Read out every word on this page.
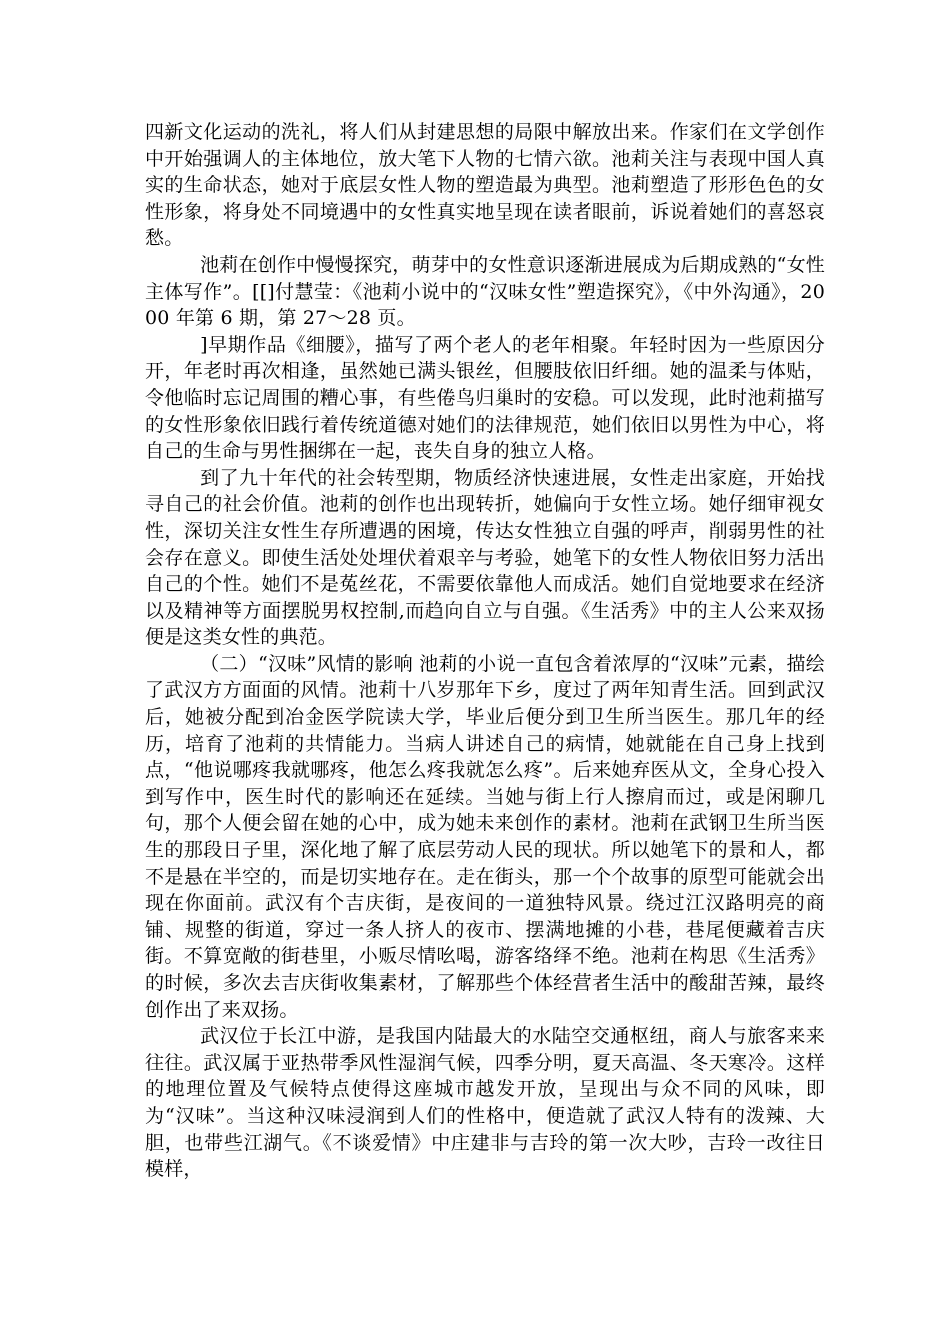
四新文化运动的洗礼，将人们从封建思想的局限中解放出来。作家们在文学创作中开始强调人的主体地位，放大笔下人物的七情六欲。池莉关注与表现中国人真实的生命状态，她对于底层女性人物的塑造最为典型。池莉塑造了形形色色的女性形象，将身处不同境遇中的女性真实地呈现在读者眼前，诉说着她们的喜怒哀愁。

池莉在创作中慢慢探究，萌芽中的女性意识逐渐进展成为后期成熟的“女性主体写作”。[[]付慧莹：《池莉小说中的“汉味女性”塑造探究》，《中外沟通》，2000 年第 6 期，第 27～28 页。

]早期作品《细腰》，描写了两个老人的老年相聚。年轻时因为一些原因分开，年老时再次相逢，虽然她已满头银丝，但腰肢依旧纤细。她的温柔与体贴，令他临时忘记周围的糟心事，有些倦鸟归巢时的安稳。可以发现，此时池莉描写的女性形象依旧践行着传统道德对她们的法律规范，她们依旧以男性为中心，将自己的生命与男性捆绑在一起，丧失自身的独立人格。

到了九十年代的社会转型期，物质经济快速进展，女性走出家庭，开始找寻自己的社会价值。池莉的创作也出现转折，她偏向于女性立场。她仔细审视女性，深切关注女性生存所遭遇的困境，传达女性独立自强的呼声，削弱男性的社会存在意义。即使生活处处埋伏着艰辛与考验，她笔下的女性人物依旧努力活出自己的个性。她们不是菟丝花，不需要依靠他人而成活。她们自觉地要求在经济以及精神等方面摆脱男权控制,而趋向自立与自强。《生活秀》中的主人公来双扬便是这类女性的典范。

（二）“汉味”风情的影响 池莉的小说一直包含着浓厚的“汉味”元素，描绘了武汉方方面面的风情。池莉十八岁那年下乡，度过了两年知青生活。回到武汉后，她被分配到冶金医学院读大学，毕业后便分到卫生所当医生。那几年的经历，培育了池莉的共情能力。当病人讲述自己的病情，她就能在自己身上找到点，“他说哪疼我就哪疼，他怎么疼我就怎么疼”。后来她弃医从文，全身心投入到写作中，医生时代的影响还在延续。当她与街上行人擦肩而过，或是闲聊几句，那个人便会留在她的心中，成为她未来创作的素材。池莉在武钢卫生所当医生的那段日子里，深化地了解了底层劳动人民的现状。所以她笔下的景和人，都不是悬在半空的，而是切实地存在。走在街头，那一个个故事的原型可能就会出现在你面前。武汉有个吉庆街，是夜间的一道独特风景。绕过江汉路明亮的商铺、规整的街道，穿过一条人挤人的夜市、摆满地摊的小巷，巷尾便藏着吉庆街。不算宽敞的街巷里，小贩尽情吆喝，游客络绎不绝。池莉在构思《生活秀》的时候，多次去吉庆街收集素材，了解那些个体经营者生活中的酸甜苦辣，最终创作出了来双扬。

武汉位于长江中游，是我国内陆最大的水陆空交通枢纽，商人与旅客来来往往。武汉属于亚热带季风性湿润气候，四季分明，夏天高温、冬天寒冷。这样的地理位置及气候特点使得这座城市越发开放，呈现出与众不同的风味，即为“汉味”。当这种汉味浸润到人们的性格中，便造就了武汉人特有的泼辣、大胆，也带些江湖气。《不谈爱情》中庄建非与吉玲的第一次大吵，吉玲一改往日模样，
